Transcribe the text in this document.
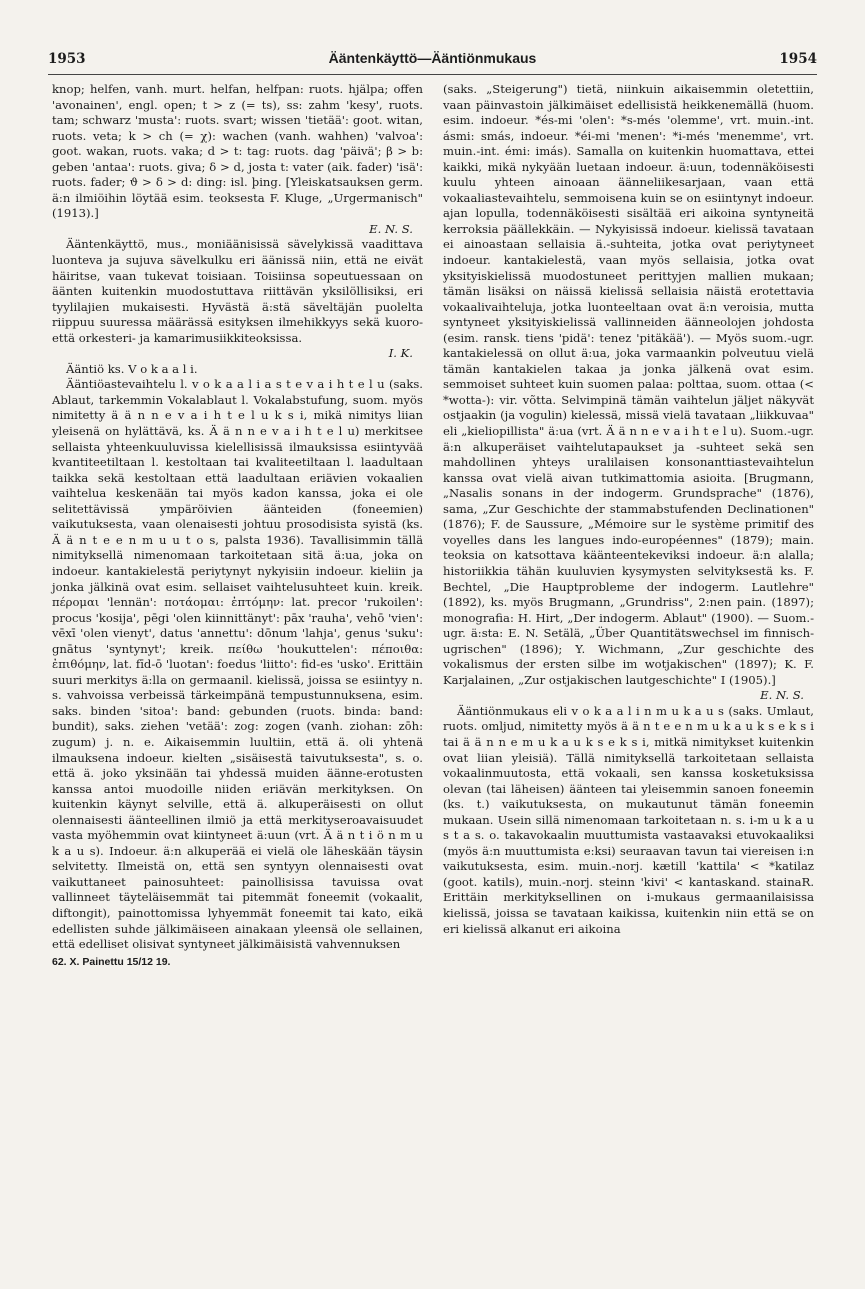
1953	Ääntenkäyttö—Ääntiönmukaus	1954

knop; helfen, vanh. murt. helfan, helfpan: ruots. hjälpa; offen 'avonainen', engl. open; t > z (= ts), ss: zahm 'kesy', ruots. tam; schwarz 'musta': ruots. svart; wissen 'tietää': goot. witan, ruots. veta; k > ch (= χ): wachen (vanh. wahhen) 'valvoa': goot. wakan, ruots. vaka; d > t: tag: ruots. dag 'päivä'; β > b: geben 'antaa': ruots. giva; δ > d, josta t: vater (aik. fader) 'isä': ruots. fader; ϑ > δ > d: ding: isl. þing. [Yleiskatsauksen germ. ä:n ilmiöihin löytää esim. teoksesta F. Kluge, „Urgermanisch" (1913).]

E. N. S.

Ääntenkäyttö, mus., moniäänisissä sävelykissä vaadittava luonteva ja sujuva sävelkulku eri äänissä niin, että ne eivät häiritse, vaan tukevat toisiaan. Toisiinsa sopeutuessaan on äänten kuitenkin muodostuttava riittävän yksilöllisiksi, eri tyylilajien mukaisesti. Hyvästä ä:stä säveltäjän puolelta riippuu suuressa määrässä esityksen ilmehikkyys sekä kuoro- että orkesteri- ja kamarimusiikkiteoksissa.

I. K.

Ääntiö ks. V o k a a l i.

Ääntiöastevaihtelu l. v o k a a l i a s t e v a i h t e l u (saks. Ablaut, tarkemmin Vokalablaut l. Vokalabstufung, suom. myös nimitetty ä ä n n e v a i h t e l u k s i, mikä nimitys liian yleisenä on hylättävä, ks. Ä ä n n e v a i h t e l u) merkitsee sellaista yhteenkuuluvissa kielellisissä ilmauksissa esiintyvää kvantiteetiltaan l. kestoltaan tai kvaliteetiltaan l. laadultaan taikka sekä kestoltaan että laadultaan eriävien vokaalien vaihtelua keskenään tai myös kadon kanssa, joka ei ole selitettävissä ympäröivien äänteiden (foneemien) vaikutuksesta, vaan olenaisesti johtuu prosodisista syistä (ks. Ä ä n t e e n m u u t o s, palsta 1936). Tavallisimmin tällä nimityksellä nimenomaan tarkoitetaan sitä ä:ua, joka on indoeur. kantakielestä periytynyt nykyisiin indoeur. kieliin ja jonka jälkinä ovat esim. sellaiset vaihtelusuhteet kuin. kreik. πέρομαι 'lennän': ποτάομαι: ἐπτόμην: lat. precor 'rukoilen': procus 'kosija', pēgi 'olen kiinnittänyt': pāx 'rauha', vehō 'vien': vēxī 'olen vienyt', datus 'annettu': dōnum 'lahja', genus 'suku': gnātus 'syntynyt'; kreik. πείθω 'houkuttelen': πέποιθα: ἐπιθόμην, lat. fīd-ō 'luotan': foedus 'liitto': fid-es 'usko'. Erittäin suuri merkitys ä:lla on germaanil. kielissä, joissa se esiintyy n. s. vahvoissa verbeissä tärkeimpänä tempustunnuksena, esim. saks. binden 'sitoa': band: gebunden (ruots. binda: band: bundit), saks. ziehen 'vetää': zog: zogen (vanh. ziohan: zōh: zugum) j. n. e. Aikaisemmin luultiin, että ä. oli yhtenä ilmauksena indoeur. kielten „sisäisestä taivutuksesta", s. o. että ä. joko yksinään tai yhdessä muiden äänne-erotusten kanssa antoi muodoille niiden eriävän merkityksen. On kuitenkin käynyt selville, että ä. alkuperäisesti on ollut olennaisesti äänteellinen ilmiö ja että merkityseroavaisuudet vasta myöhemmin ovat kiintyneet ä:uun (vrt. Ä ä n t i ö n m u k a u s). Indoeur. ä:n alkuperää ei vielä ole läheskään täysin selvitetty. Ilmeistä on, että sen syntyyn olennaisesti ovat vaikuttaneet painosuhteet: painollisissa tavuissa ovat vallinneet täyteläisemmät tai pitemmät foneemit (vokaalit, diftongit), painottomissa lyhyemmät foneemit tai kato, eikä edellisten suhde jälkimäiseen ainakaan yleensä ole sellainen, että edelliset olisivat syntyneet jälkimäisistä vahvennuksen

62. X. Painettu 15/12 19.

(saks. „Steigerung") tietä, niinkuin aikaisemmin oletettiin, vaan päinvastoin jälkimäiset edellisistä heikkenemällä (huom. esim. indoeur. *és-mi 'olen': *s-més 'olemme', vrt. muin.-int. ásmi: smás, indoeur. *éi-mi 'menen': *i-més 'menemme', vrt. muin.-int. émi: imás). Samalla on kuitenkin huomattava, ettei kaikki, mikä nykyään luetaan indoeur. ä:uun, todennäköisesti kuulu yhteen ainoaan äänneliikesarjaan, vaan että vokaaliastevaihtelu, semmoisena kuin se on esiintynyt indoeur. ajan lopulla, todennäköisesti sisältää eri aikoina syntyneitä kerroksia päällekkäin. — Nykyisissä indoeur. kielissä tavataan ei ainoastaan sellaisia ä.-suhteita, jotka ovat periytyneet indoeur. kantakielestä, vaan myös sellaisia, jotka ovat yksityiskielissä muodostuneet perittyjen mallien mukaan; tämän lisäksi on näissä kielissä sellaisia näistä erotettavia vokaalivaihteluja, jotka luonteeltaan ovat ä:n veroisia, mutta syntyneet yksityiskielissä vallinneiden äänneolojen johdosta (esim. ransk. tiens 'pidä': tenez 'pitäkää'). — Myös suom.-ugr. kantakielessä on ollut ä:ua, joka varmaankin polveutuu vielä tämän kantakielen takaa ja jonka jälkenä ovat esim. semmoiset suhteet kuin suomen palaa: polttaa, suom. ottaa (< *wotta-): vir. võtta. Selvimpinä tämän vaihtelun jäljet näkyvät ostjaakin (ja vogulin) kielessä, missä vielä tavataan „liikkuvaa" eli „kieliopillista" ä:ua (vrt. Ä ä n n e v a i h t e l u). Suom.-ugr. ä:n alkuperäiset vaihtelutapaukset ja -suhteet sekä sen mahdollinen yhteys uralilaisen konsonanttiastevaihtelun kanssa ovat vielä aivan tutkimattomia asioita. [Brugmann, „Nasalis sonans in der indogerm. Grundsprache" (1876), sama, „Zur Geschichte der stammabstufenden Declinationen" (1876); F. de Saussure, „Mémoire sur le système primitif des voyelles dans les langues indo-européennes" (1879); main. teoksia on katsottava käänteentekeviksi indoeur. ä:n alalla; historiikkia tähän kuuluvien kysymysten selvityksestä ks. F. Bechtel, „Die Hauptprobleme der indogerm. Lautlehre" (1892), ks. myös Brugmann, „Grundriss", 2:nen pain. (1897); monografia: H. Hirt, „Der indogerm. Ablaut" (1900). — Suom.-ugr. ä:sta: E. N. Setälä, „Über Quantitätswechsel im finnisch-ugrischen" (1896); Y. Wichmann, „Zur geschichte des vokalismus der ersten silbe im wotjakischen" (1897); K. F. Karjalainen, „Zur ostjakischen lautgeschichte" I (1905).]

E. N. S.

Ääntiönmukaus eli v o k a a l i n m u k a u s (saks. Umlaut, ruots. omljud, nimitetty myös ä ä n t e e n m u k a u k s e k s i tai ä ä n n e m u k a u k s e k s i, mitkä nimitykset kuitenkin ovat liian yleisiä). Tällä nimityksellä tarkoitetaan sellaista vokaalinmuutosta, että vokaali, sen kanssa kosketuksissa olevan (tai läheisen) äänteen tai yleisemmin sanoen foneemin (ks. t.) vaikutuksesta, on mukautunut tämän foneemin mukaan. Usein sillä nimenomaan tarkoitetaan n. s. i-m u k a u s t a s. o. takavokaalin muuttumista vastaavaksi etuvokaaliksi (myös ä:n muuttumista e:ksi) seuraavan tavun tai viereisen i:n vaikutuksesta, esim. muin.-norj. kætill 'kattila' < *katilaz (goot. katils), muin.-norj. steinn 'kivi' < kantaskand. stainaR. Erittäin merkityksellinen on i-mukaus germaanilaisissa kielissä, joissa se tavataan kaikissa, kuitenkin niin että se on eri kielissä alkanut eri aikoina
